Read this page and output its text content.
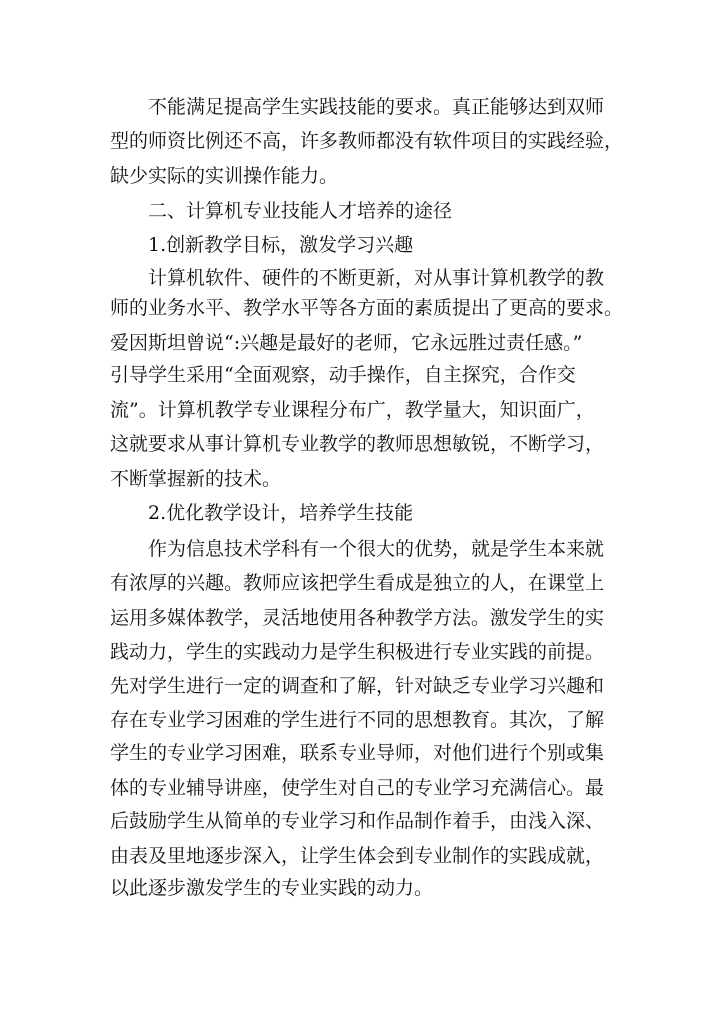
不能满足提高学生实践技能的要求。真正能够达到双师
型的师资比例还不高，许多教师都没有软件项目的实践经验，
缺少实际的实训操作能力。
二、计算机专业技能人才培养的途径
1.创新教学目标，激发学习兴趣
计算机软件、硬件的不断更新，对从事计算机教学的教
师的业务水平、教学水平等各方面的素质提出了更高的要求。
爱因斯坦曾说“:兴趣是最好的老师，它永远胜过责任感。”
引导学生采用“全面观察，动手操作，自主探究，合作交
流”。计算机教学专业课程分布广，教学量大，知识面广，
这就要求从事计算机专业教学的教师思想敏锐，不断学习，
不断掌握新的技术。
2.优化教学设计，培养学生技能
作为信息技术学科有一个很大的优势，就是学生本来就
有浓厚的兴趣。教师应该把学生看成是独立的人，在课堂上
运用多媒体教学，灵活地使用各种教学方法。激发学生的实
践动力，学生的实践动力是学生积极进行专业实践的前提。
先对学生进行一定的调查和了解，针对缺乏专业学习兴趣和
存在专业学习困难的学生进行不同的思想教育。其次，了解
学生的专业学习困难，联系专业导师，对他们进行个别或集
体的专业辅导讲座，使学生对自己的专业学习充满信心。最
后鼓励学生从简单的专业学习和作品制作着手，由浅入深、
由表及里地逐步深入，让学生体会到专业制作的实践成就，
以此逐步激发学生的专业实践的动力。
